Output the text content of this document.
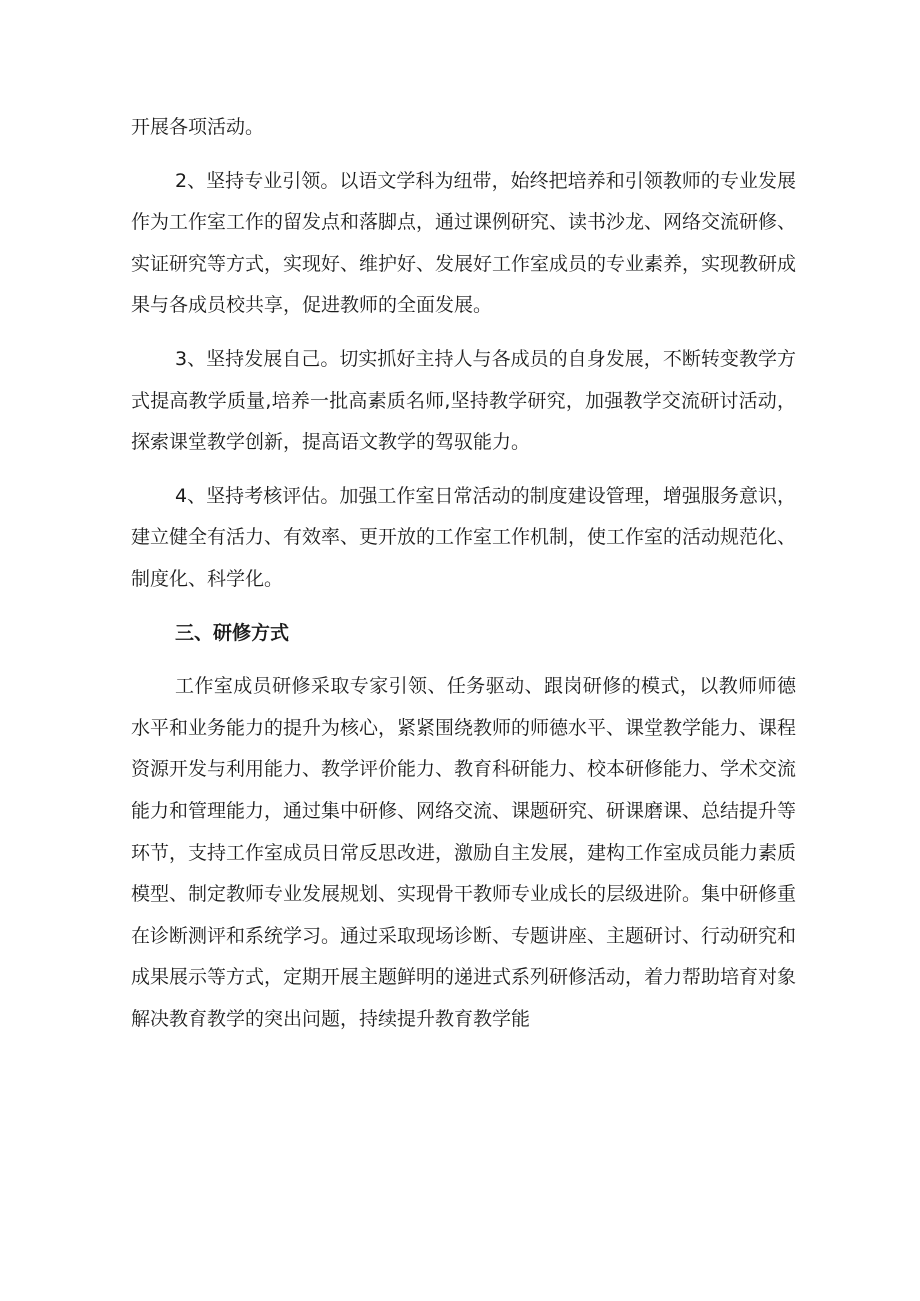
开展各项活动。

2、坚持专业引领。以语文学科为纽带，始终把培养和引领教师的专业发展作为工作室工作的留发点和落脚点，通过课例研究、读书沙龙、网络交流研修、实证研究等方式，实现好、维护好、发展好工作室成员的专业素养，实现教研成果与各成员校共享，促进教师的全面发展。

3、坚持发展自己。切实抓好主持人与各成员的自身发展，不断转变教学方式提高教学质量,培养一批高素质名师,坚持教学研究，加强教学交流研讨活动，探索课堂教学创新，提高语文教学的驾驭能力。

4、坚持考核评估。加强工作室日常活动的制度建设管理，增强服务意识，建立健全有活力、有效率、更开放的工作室工作机制，使工作室的活动规范化、制度化、科学化。

三、研修方式

工作室成员研修采取专家引领、任务驱动、跟岗研修的模式，以教师师德水平和业务能力的提升为核心，紧紧围绕教师的师德水平、课堂教学能力、课程资源开发与利用能力、教学评价能力、教育科研能力、校本研修能力、学术交流能力和管理能力，通过集中研修、网络交流、课题研究、研课磨课、总结提升等环节，支持工作室成员日常反思改进，激励自主发展，建构工作室成员能力素质模型、制定教师专业发展规划、实现骨干教师专业成长的层级进阶。集中研修重在诊断测评和系统学习。通过采取现场诊断、专题讲座、主题研讨、行动研究和成果展示等方式，定期开展主题鲜明的递进式系列研修活动，着力帮助培育对象解决教育教学的突出问题，持续提升教育教学能
